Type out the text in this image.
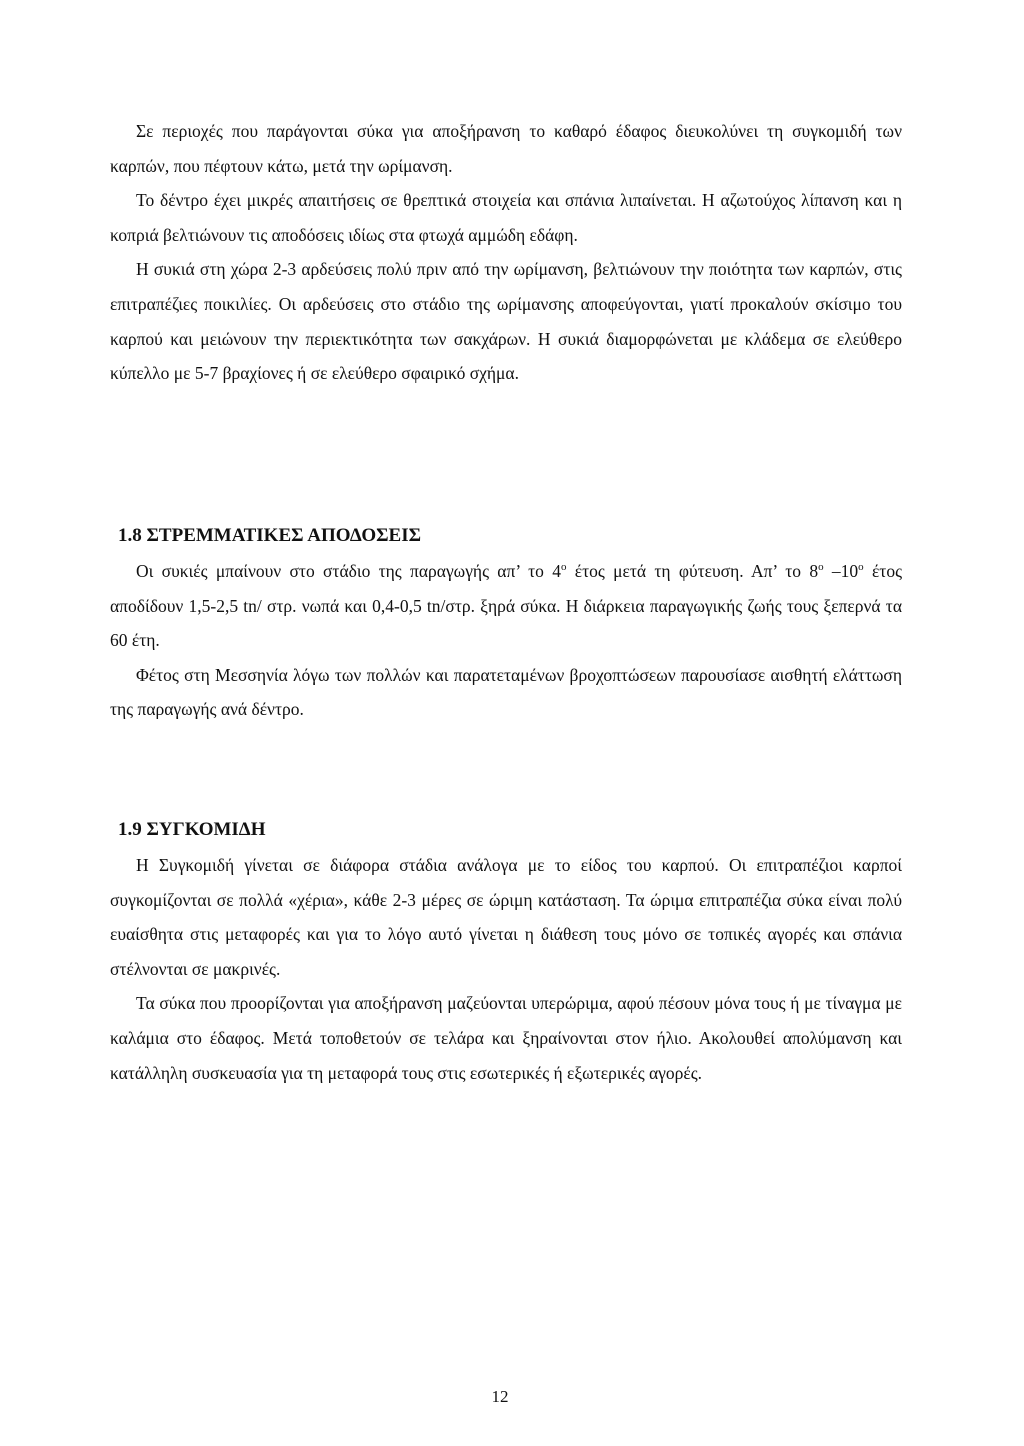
Σε περιοχές που παράγονται σύκα για αποξήρανση το καθαρό έδαφος διευκολύνει τη συγκομιδή των καρπών, που πέφτουν κάτω, μετά την ωρίμανση.

Το δέντρο έχει μικρές απαιτήσεις σε θρεπτικά στοιχεία και σπάνια λιπαίνεται. Η αζωτούχος λίπανση και η κοπριά βελτιώνουν τις αποδόσεις ιδίως στα φτωχά αμμώδη εδάφη.

Η συκιά στη χώρα 2-3 αρδεύσεις πολύ πριν από την ωρίμανση, βελτιώνουν την ποιότητα των καρπών, στις επιτραπέζιες ποικιλίες. Οι αρδεύσεις στο στάδιο της ωρίμανσης αποφεύγονται, γιατί προκαλούν σκίσιμο του καρπού και μειώνουν την περιεκτικότητα των σακχάρων. Η συκιά διαμορφώνεται με κλάδεμα σε ελεύθερο κύπελλο με 5-7 βραχίονες ή σε ελεύθερο σφαιρικό σχήμα.

1.8 ΣΤΡΕΜΜΑΤΙΚΕΣ ΑΠΟΔΟΣΕΙΣ

Οι συκιές μπαίνουν στο στάδιο της παραγωγής απ’ το $4^o$ έτος μετά τη φύτευση. Απ’ το $8^o$ $-10^o$ έτος αποδίδουν 1,5-2,5 tn/ στρ. νωπά και 0,4-0,5 tn/στρ. ξηρά σύκα. Η διάρκεια παραγωγικής ζωής τους ξεπερνά τα 60 έτη.

Φέτος στη Μεσσηνία λόγω των πολλών και παρατεταμένων βροχοπτώσεων παρουσίασε αισθητή ελάττωση της παραγωγής ανά δέντρο.

1.9 ΣΥΓΚΟΜΙΔΗ

Η Συγκομιδή γίνεται σε διάφορα στάδια ανάλογα με το είδος του καρπού. Οι επιτραπέζιοι καρποί συγκομίζονται σε πολλά «χέρια», κάθε 2-3 μέρες σε ώριμη κατάσταση. Τα ώριμα επιτραπέζια σύκα είναι πολύ ευαίσθητα στις μεταφορές και για το λόγο αυτό γίνεται η διάθεση τους μόνο σε τοπικές αγορές και σπάνια στέλνονται σε μακρινές.

Τα σύκα που προορίζονται για αποξήρανση μαζεύονται υπερώριμα, αφού πέσουν μόνα τους ή με τίναγμα με καλάμια στο έδαφος. Μετά τοποθετούν σε τελάρα και ξηραίνονται στον ήλιο. Ακολουθεί απολύμανση και κατάλληλη συσκευασία για τη μεταφορά τους στις εσωτερικές ή εξωτερικές αγορές.

12
